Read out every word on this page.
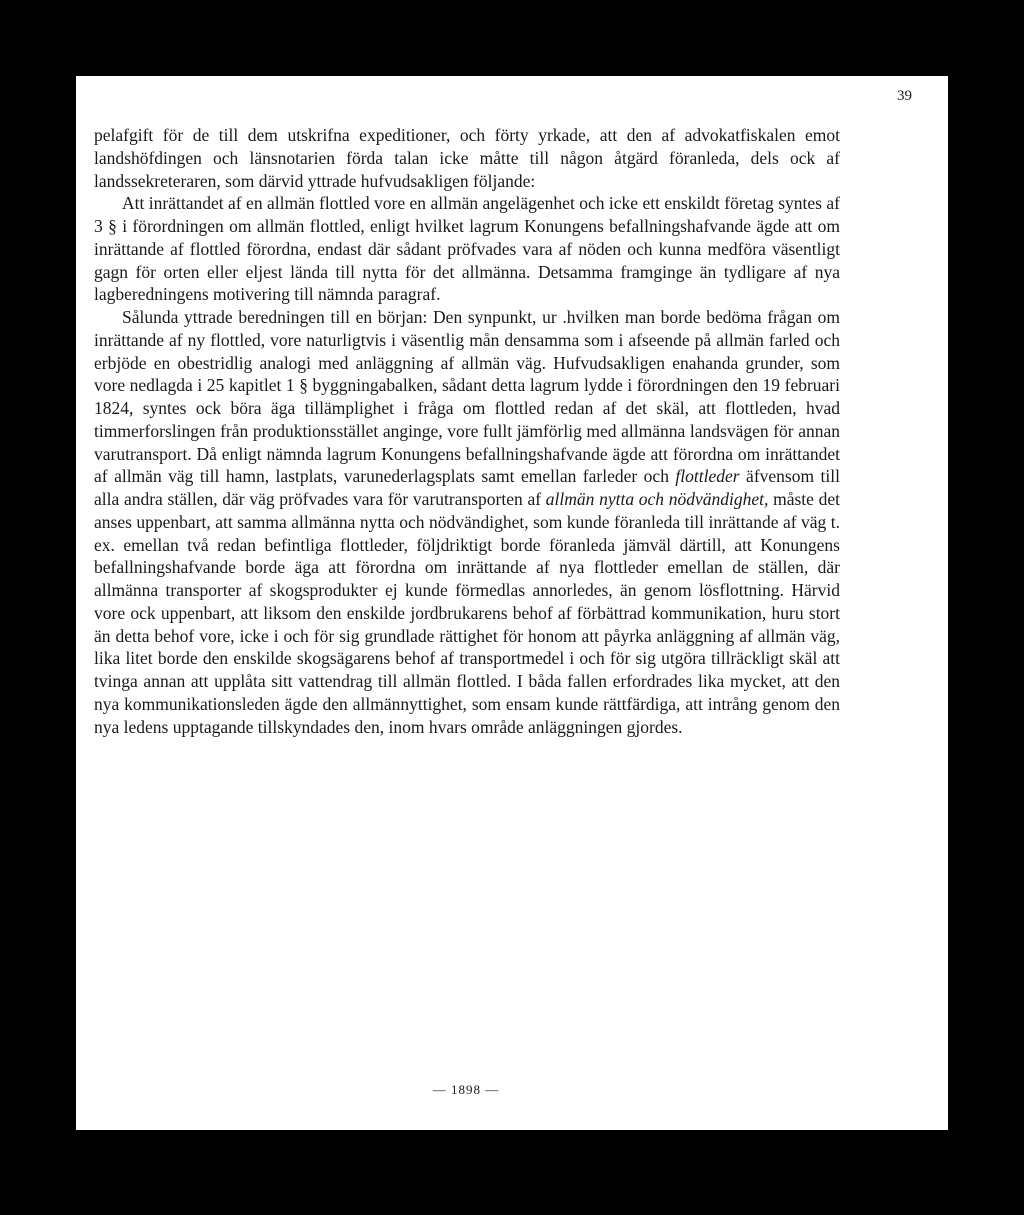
39

pelafgift för de till dem utskrifna expeditioner, och förty yrkade, att den af advokatfiskalen emot landshöfdingen och länsnotarien förda talan icke måtte till någon åtgärd föranleda, dels ock af landssekreteraren, som därvid yttrade hufvudsakligen följande:

Att inrättandet af en allmän flottled vore en allmän angelägenhet och icke ett enskildt företag syntes af 3 § i förordningen om allmän flottled, enligt hvilket lagrum Konungens befallningshafvande ägde att om inrättande af flottled förordna, endast där sådant pröfvades vara af nöden och kunna medföra väsentligt gagn för orten eller eljest lända till nytta för det allmänna. Detsamma framginge än tydligare af nya lagberedningens motivering till nämnda paragraf.

Sålunda yttrade beredningen till en början: Den synpunkt, ur .hvilken man borde bedöma frågan om inrättande af ny flottled, vore naturligtvis i väsentlig mån densamma som i afseende på allmän farled och erbjöde en obestridlig analogi med anläggning af allmän väg. Hufvudsakligen enahanda grunder, som vore nedlagda i 25 kapitlet 1 § byggningabalken, sådant detta lagrum lydde i förordningen den 19 februari 1824, syntes ock böra äga tillämplighet i fråga om flottled redan af det skäl, att flottleden, hvad timmerforslingen från produktionsstället anginge, vore fullt jämförlig med allmänna landsvägen för annan varutransport. Då enligt nämnda lagrum Konungens befallningshafvande ägde att förordna om inrättandet af allmän väg till hamn, lastplats, varunederlagsplats samt emellan farleder och flottleder äfvensom till alla andra ställen, där väg pröfvades vara för varutransporten af allmän nytta och nödvändighet, måste det anses uppenbart, att samma allmänna nytta och nödvändighet, som kunde föranleda till inrättande af väg t. ex. emellan två redan befintliga flottleder, följdriktigt borde föranleda jämväl därtill, att Konungens befallningshafvande borde äga att förordna om inrättande af nya flottleder emellan de ställen, där allmänna transporter af skogsprodukter ej kunde förmedlas annorledes, än genom lösflottning. Härvid vore ock uppenbart, att liksom den enskilde jordbrukarens behof af förbättrad kommunikation, huru stort än detta behof vore, icke i och för sig grundlade rättighet för honom att påyrka anläggning af allmän väg, lika litet borde den enskilde skogsägarens behof af transportmedel i och för sig utgöra tillräckligt skäl att tvinga annan att upplåta sitt vattendrag till allmän flottled. I båda fallen erfordrades lika mycket, att den nya kommunikationsleden ägde den allmännyttighet, som ensam kunde rättfärdiga, att intrång genom den nya ledens upptagande tillskyndades den, inom hvars område anläggningen gjordes.

— 1898 —
